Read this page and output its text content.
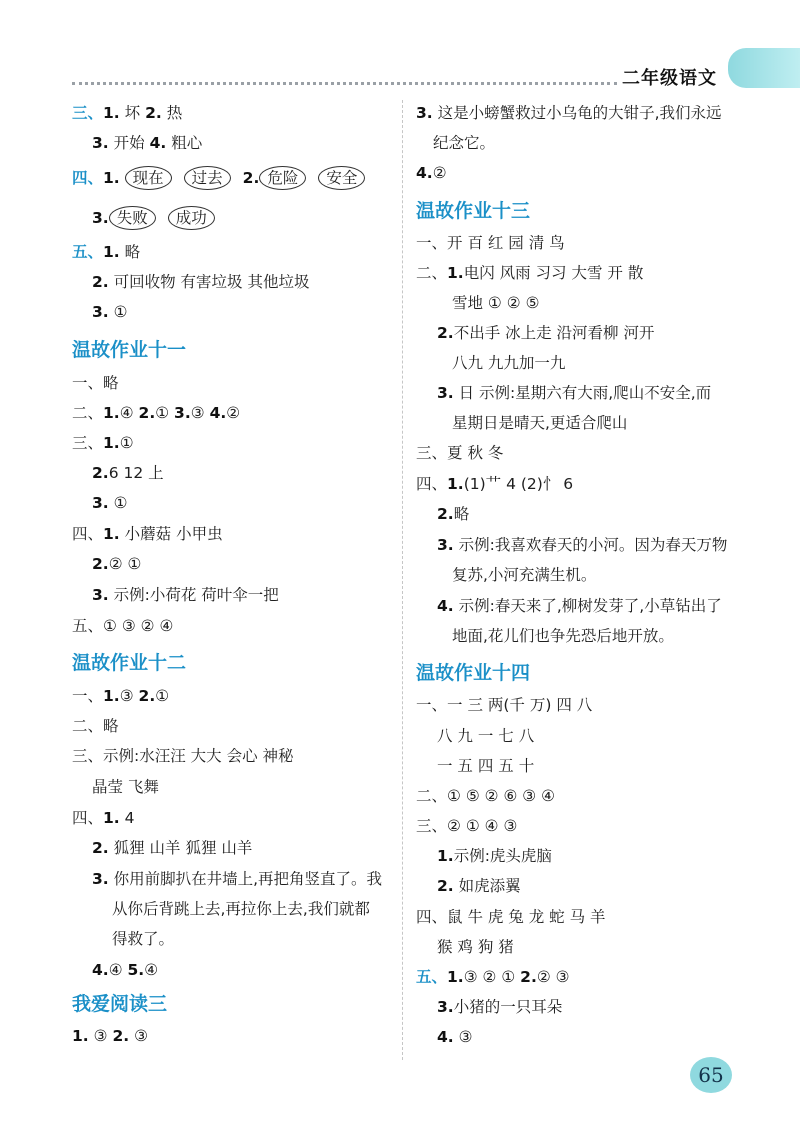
二年级语文
三、1. 坏 2. 热
3. 开始 4. 粗心
四、1. 现在 过去 2. 危险 安全
3. 失败 成功
五、1. 略
2. 可回收物 有害垃圾 其他垃圾
3. ①
温故作业十一
一、略
二、1.④ 2.① 3.③ 4.②
三、1.①
2.6 12 上
3. ①
四、1. 小蘑菇 小甲虫
2.② ①
3. 示例:小荷花 荷叶伞一把
五、① ③ ② ④
温故作业十二
一、1.③ 2.①
二、略
三、示例:水汪汪 大大 会心 神秘
晶莹 飞舞
四、1. 4
2. 狐狸 山羊 狐狸 山羊
3. 你用前脚扒在井墙上,再把角竖直了。我
从你后背跳上去,再拉你上去,我们就都
得救了。
4.④ 5.④
我爱阅读三
1. ③ 2. ③
3. 这是小螃蟹救过小乌龟的大钳子,我们永远
纪念它。
4.②
温故作业十三
一、开 百 红 园 清 鸟
二、1.电闪 风雨 习习 大雪 开 散
雪地 ① ② ⑤
2.不出手 冰上走 沿河看柳 河开
八九 九九加一九
3. 日 示例:星期六有大雨,爬山不安全,而
星期日是晴天,更适合爬山
三、夏 秋 冬
四、1.(1)艹 4 (2)忄 6
2.略
3. 示例:我喜欢春天的小河。因为春天万物
复苏,小河充满生机。
4. 示例:春天来了,柳树发芽了,小草钻出了
地面,花儿们也争先恐后地开放。
温故作业十四
一、一 三 两(千 万) 四 八
八 九 一 七 八
一 五 四 五 十
二、① ⑤ ② ⑥ ③ ④
三、② ① ④ ③
1.示例:虎头虎脑
2. 如虎添翼
四、鼠 牛 虎 兔 龙 蛇 马 羊
猴 鸡 狗 猪
五、1.③ ② ① 2.② ③
3.小猪的一只耳朵
4. ③
65
